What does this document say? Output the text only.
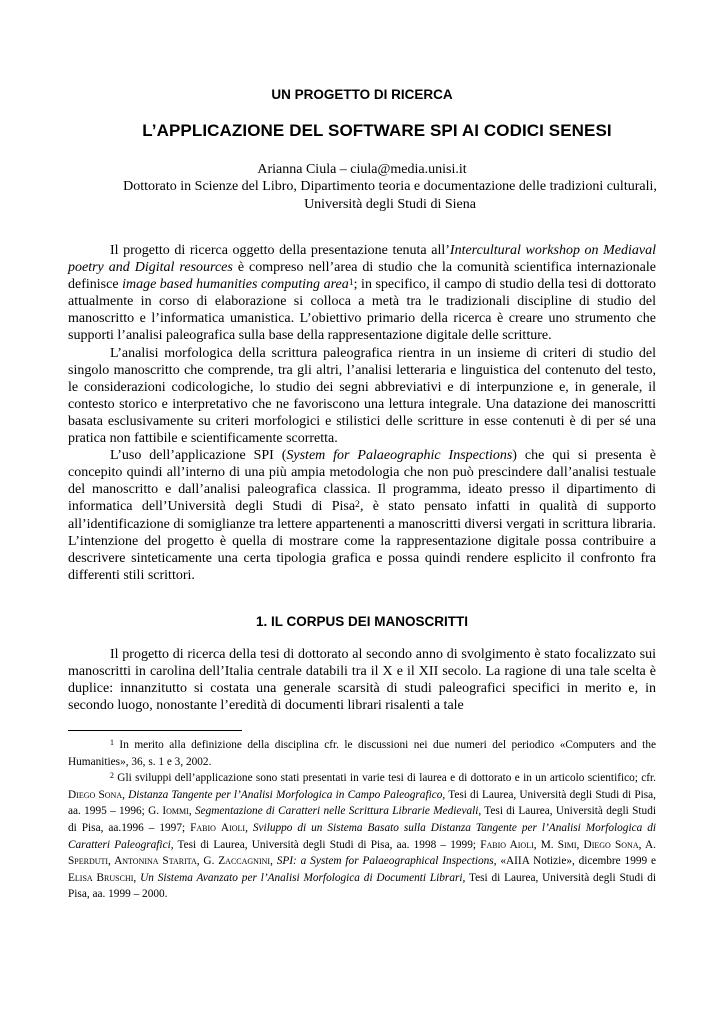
UN PROGETTO DI RICERCA
L’APPLICAZIONE DEL SOFTWARE SPI AI CODICI SENESI
Arianna Ciula – ciula@media.unisi.it
Dottorato in Scienze del Libro, Dipartimento teoria e documentazione delle tradizioni culturali, Università degli Studi di Siena

Il progetto di ricerca oggetto della presentazione tenuta all’Intercultural workshop on Mediaval poetry and Digital resources è compreso nell’area di studio che la comunità scientifica internazionale definisce image based humanities computing area$^1$; in specifico, il campo di studio della tesi di dottorato attualmente in corso di elaborazione si colloca a metà tra le tradizionali discipline di studio del manoscritto e l’informatica umanistica. L’obiettivo primario della ricerca è creare uno strumento che supporti l’analisi paleografica sulla base della rappresentazione digitale delle scritture.

L’analisi morfologica della scrittura paleografica rientra in un insieme di criteri di studio del singolo manoscritto che comprende, tra gli altri, l’analisi letteraria e linguistica del contenuto del testo, le considerazioni codicologiche, lo studio dei segni abbreviativi e di interpunzione e, in generale, il contesto storico e interpretativo che ne favoriscono una lettura integrale. Una datazione dei manoscritti basata esclusivamente su criteri morfologici e stilistici delle scritture in esse contenuti è di per sé una pratica non fattibile e scientificamente scorretta.

L’uso dell’applicazione SPI (System for Palaeographic Inspections) che qui si presenta è concepito quindi all’interno di una più ampia metodologia che non può prescindere dall’analisi testuale del manoscritto e dall’analisi paleografica classica. Il programma, ideato presso il dipartimento di informatica dell’Università degli Studi di Pisa$^2$, è stato pensato infatti in qualità di supporto all’identificazione di somiglianze tra lettere appartenenti a manoscritti diversi vergati in scrittura libraria. L’intenzione del progetto è quella di mostrare come la rappresentazione digitale possa contribuire a descrivere sinteticamente una certa tipologia grafica e possa quindi rendere esplicito il confronto fra differenti stili scrittori.

1. IL CORPUS DEI MANOSCRITTI

Il progetto di ricerca della tesi di dottorato al secondo anno di svolgimento è stato focalizzato sui manoscritti in carolina dell’Italia centrale databili tra il X e il XII secolo. La ragione di una tale scelta è duplice: innanzitutto si costata una generale scarsità di studi paleografici specifici in merito e, in secondo luogo, nonostante l’eredità di documenti librari risalenti a tale

$^1$ In merito alla definizione della disciplina cfr. le discussioni nei due numeri del periodico «Computers and the Humanities», 36, s. 1 e 3, 2002.

$^2$ Gli sviluppi dell’applicazione sono stati presentati in varie tesi di laurea e di dottorato e in un articolo scientifico; cfr. Diego Sona, Distanza Tangente per l’Analisi Morfologica in Campo Paleografico, Tesi di Laurea, Università degli Studi di Pisa, aa. 1995 – 1996; G. Iommi, Segmentazione di Caratteri nelle Scrittura Librarie Medievali, Tesi di Laurea, Università degli Studi di Pisa, aa.1996 – 1997; Fabio Aioli, Sviluppo di un Sistema Basato sulla Distanza Tangente per l’Analisi Morfologica di Caratteri Paleografici, Tesi di Laurea, Università degli Studi di Pisa, aa. 1998 – 1999; Fabio Aioli, M. Simi, Diego Sona, A. Sperduti, Antonina Starita, G. Zaccagnini, SPI: a System for Palaeographical Inspections, «AIIA Notizie», dicembre 1999 e Elisa Bruschi, Un Sistema Avanzato per l’Analisi Morfologica di Documenti Librari, Tesi di Laurea, Università degli Studi di Pisa, aa. 1999 – 2000.
